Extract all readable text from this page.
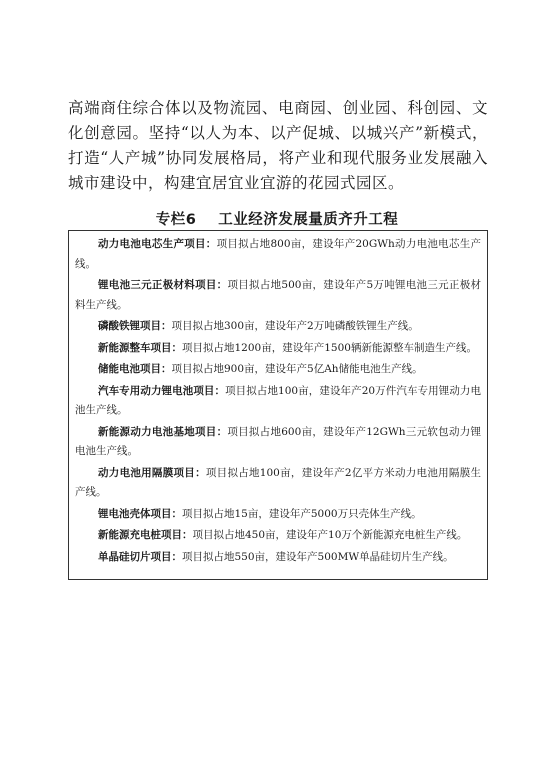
高端商住综合体以及物流园、电商园、创业园、科创园、文化创意园。坚持“以人为本、以产促城、以城兴产”新模式，打造“人产城”协同发展格局，将产业和现代服务业发展融入城市建设中，构建宜居宜业宜游的花园式园区。

专栏6 工业经济发展量质齐升工程

动力电池电芯生产项目：项目拟占地800亩，建设年产20GWh动力电池电芯生产线。

锂电池三元正极材料项目：项目拟占地500亩，建设年产5万吨锂电池三元正极材料生产线。

磷酸铁锂项目：项目拟占地300亩，建设年产2万吨磷酸铁锂生产线。

新能源整车项目：项目拟占地1200亩，建设年产1500辆新能源整车制造生产线。

储能电池项目：项目拟占地900亩，建设年产5亿Ah储能电池生产线。

汽车专用动力锂电池项目：项目拟占地100亩，建设年产20万件汽车专用锂动力电池生产线。

新能源动力电池基地项目：项目拟占地600亩，建设年产12GWh三元软包动力锂电池生产线。

动力电池用隔膜项目：项目拟占地100亩，建设年产2亿平方米动力电池用隔膜生产线。

锂电池壳体项目：项目拟占地15亩，建设年产5000万只壳体生产线。

新能源充电桩项目：项目拟占地450亩，建设年产10万个新能源充电桩生产线。

单晶硅切片项目：项目拟占地550亩，建设年产500MW单晶硅切片生产线。
